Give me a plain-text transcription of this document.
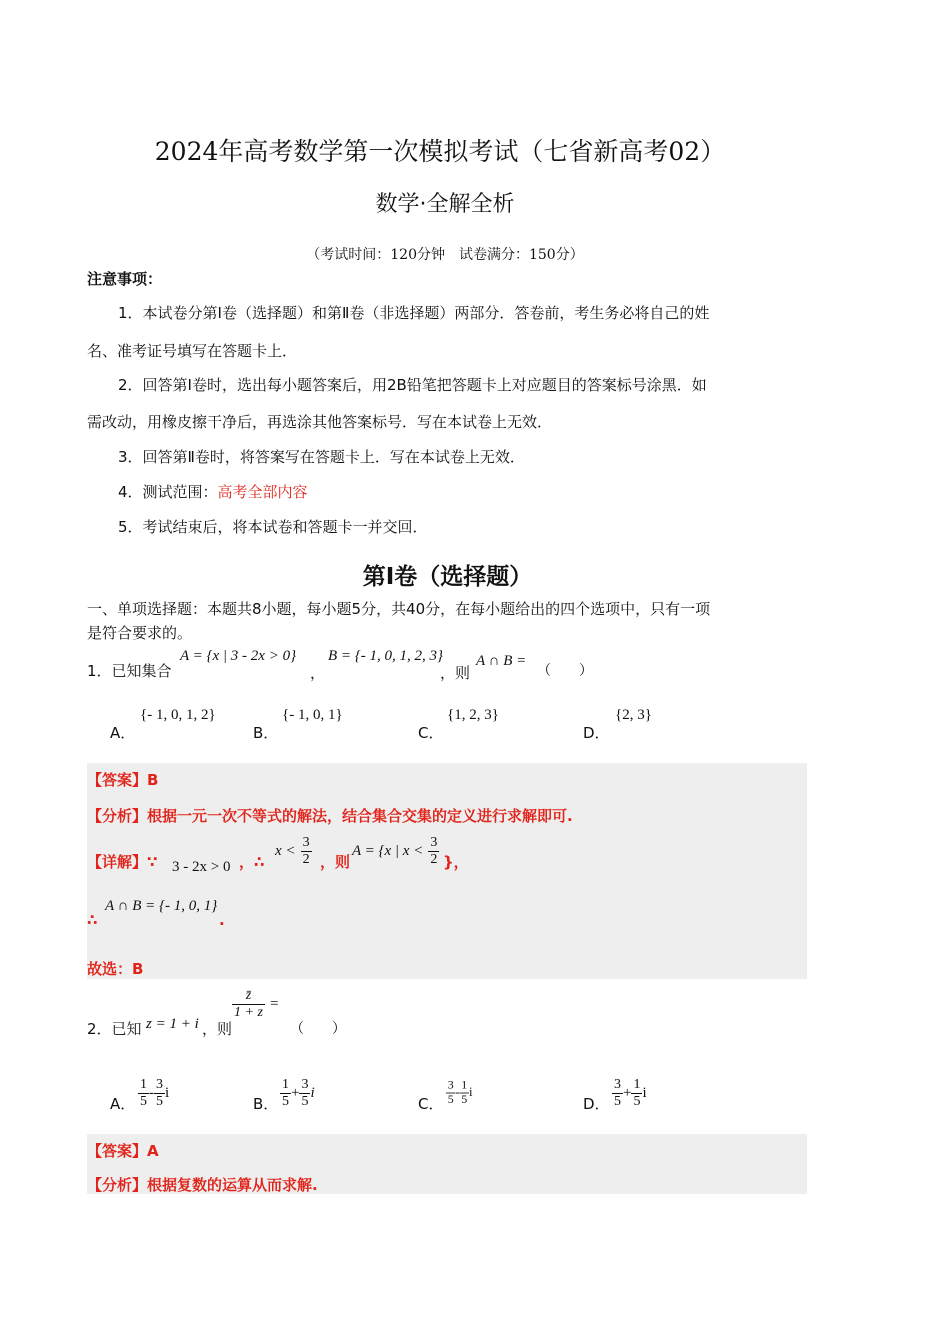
2024年高考数学第一次模拟考试（七省新高考02）
数学·全解全析
（考试时间：120分钟　试卷满分：150分）
注意事项：
1．本试卷分第Ⅰ卷（选择题）和第Ⅱ卷（非选择题）两部分．答卷前，考生务必将自己的姓
名、准考证号填写在答题卡上．
2．回答第Ⅰ卷时，选出每小题答案后，用2B铅笔把答题卡上对应题目的答案标号涂黑．如
需改动，用橡皮擦干净后，再选涂其他答案标号．写在本试卷上无效．
3．回答第Ⅱ卷时，将答案写在答题卡上．写在本试卷上无效．
4．测试范围：高考全部内容
5．考试结束后，将本试卷和答题卡一并交回．
第Ⅰ卷（选择题）
一、单项选择题：本题共8小题，每小题5分，共40分，在每小题给出的四个选项中，只有一项
是符合要求的。
1．已知集合
A = {x | 3 - 2x > 0}
，
B = {- 1, 0, 1, 2, 3}
，则
A ∩ B =
（　　）
A．
{- 1, 0, 1, 2}
B．
{- 1, 0, 1}
C．
{1, 2, 3}
D．
{2, 3}
【答案】B
【分析】根据一元一次不等式的解法，结合集合交集的定义进行求解即可.
【详解】∵ 3 - 2x > 0 ，∴
$x < \frac{3}{2}$ ，则
A = {x | $x < \frac{3}{2}$ }，
∴
A ∩ B = {- 1, 0, 1}
.
故选：B
2．已知 z = 1 + i ，则
$\frac{z̄}{1 + z}$ =
（　　）
A． $\frac{1}{5} - \frac{3}{5}$ i
B． $\frac{1}{5} + \frac{3}{5}$ i
C． $\frac{3}{5} - \frac{1}{5}$ i
D． $\frac{3}{5} + \frac{1}{5}$ i
【答案】A
【分析】根据复数的运算从而求解.
